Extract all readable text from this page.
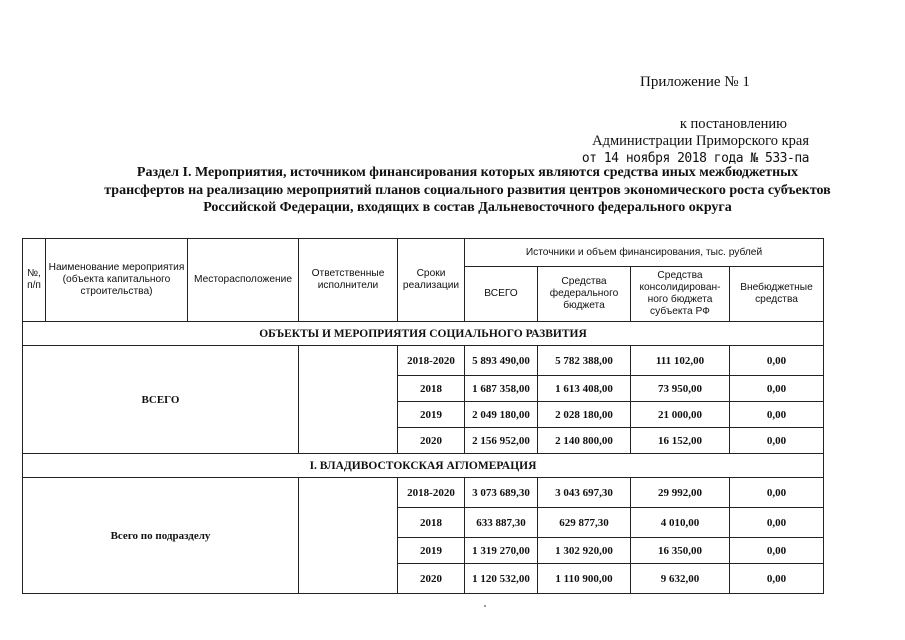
Приложение № 1
к постановлению
Администрации Приморского края
от 14 ноября 2018 года № 533-па
Раздел I. Мероприятия, источником финансирования которых являются средства иных межбюджетных трансфертов на реализацию мероприятий планов социального развития центров экономического роста субъектов Российской Федерации, входящих в состав Дальневосточного федерального округа
№, п/п	Наименование мероприятия (объекта капитального строительства)	Месторасположение	Ответственные исполнители	Сроки реализации	Источники и объем финансирования, тыс. рублей			
					ВСЕГО	Средства федерального бюджета	Средства консолидирован-ного бюджета субъекта РФ	Внебюджетные средства
ОБЪЕКТЫ И МЕРОПРИЯТИЯ СОЦИАЛЬНОГО РАЗВИТИЯ								
ВСЕГО				2018-2020	5 893 490,00	5 782 388,00	111 102,00	0,00
				2018	1 687 358,00	1 613 408,00	73 950,00	0,00
				2019	2 049 180,00	2 028 180,00	21 000,00	0,00
				2020	2 156 952,00	2 140 800,00	16 152,00	0,00
I. ВЛАДИВОСТОКСКАЯ АГЛОМЕРАЦИЯ								
Всего по подразделу				2018-2020	3 073 689,30	3 043 697,30	29 992,00	0,00
				2018	633 887,30	629 877,30	4 010,00	0,00
				2019	1 319 270,00	1 302 920,00	16 350,00	0,00
				2020	1 120 532,00	1 110 900,00	9 632,00	0,00
